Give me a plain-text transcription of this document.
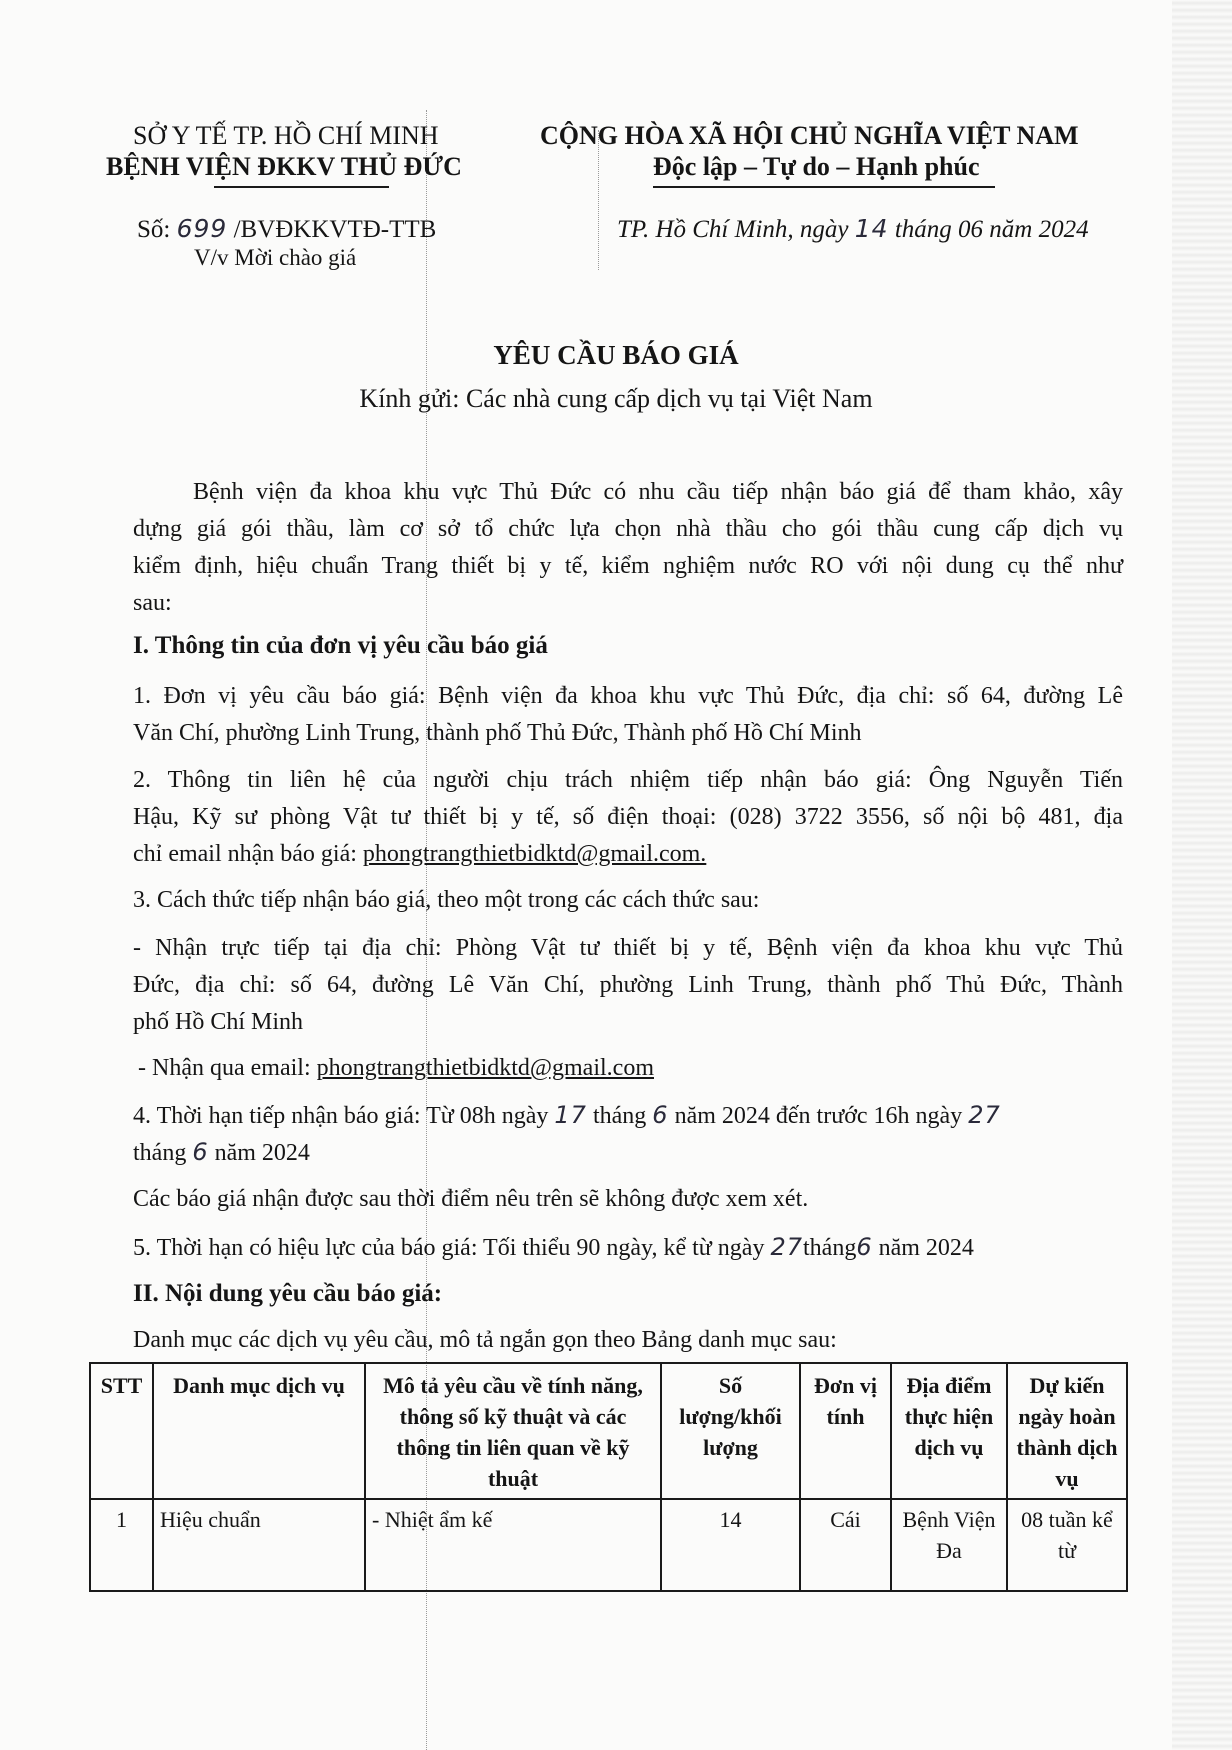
SỞ Y TẾ TP. HỒ CHÍ MINH
BỆNH VIỆN ĐKKV THỦ ĐỨC
CỘNG HÒA XÃ HỘI CHỦ NGHĨA VIỆT NAM
Độc lập – Tự do – Hạnh phúc
Số: 699 /BVĐKKVTĐ-TTB
V/v Mời chào giá
TP. Hồ Chí Minh, ngày 14 tháng 06 năm 2024
YÊU CẦU BÁO GIÁ
Kính gửi: Các nhà cung cấp dịch vụ tại Việt Nam
Bệnh viện đa khoa khu vực Thủ Đức có nhu cầu tiếp nhận báo giá để tham khảo, xây
dựng giá gói thầu, làm cơ sở tổ chức lựa chọn nhà thầu cho gói thầu cung cấp dịch vụ
kiểm định, hiệu chuẩn Trang thiết bị y tế, kiểm nghiệm nước RO với nội dung cụ thể như
sau:
I. Thông tin của đơn vị yêu cầu báo giá
1. Đơn vị yêu cầu báo giá: Bệnh viện đa khoa khu vực Thủ Đức, địa chỉ: số 64, đường Lê
Văn Chí, phường Linh Trung, thành phố Thủ Đức, Thành phố Hồ Chí Minh
2. Thông tin liên hệ của người chịu trách nhiệm tiếp nhận báo giá: Ông Nguyễn Tiến
Hậu, Kỹ sư phòng Vật tư thiết bị y tế, số điện thoại: (028) 3722 3556, số nội bộ 481, địa
chỉ email nhận báo giá: phongtrangthietbidktd@gmail.com.
3. Cách thức tiếp nhận báo giá, theo một trong các cách thức sau:
- Nhận trực tiếp tại địa chỉ: Phòng Vật tư thiết bị y tế, Bệnh viện đa khoa khu vực Thủ
Đức, địa chỉ: số 64, đường Lê Văn Chí, phường Linh Trung, thành phố Thủ Đức, Thành
phố Hồ Chí Minh
- Nhận qua email: phongtrangthietbidktd@gmail.com
4. Thời hạn tiếp nhận báo giá: Từ 08h ngày 17 tháng 6 năm 2024 đến trước 16h ngày 27
tháng 6 năm 2024
Các báo giá nhận được sau thời điểm nêu trên sẽ không được xem xét.
5. Thời hạn có hiệu lực của báo giá: Tối thiểu 90 ngày, kể từ ngày 27tháng6 năm 2024
II. Nội dung yêu cầu báo giá:
Danh mục các dịch vụ yêu cầu, mô tả ngắn gọn theo Bảng danh mục sau:
STT	Danh mục dịch vụ	Mô tả yêu cầu về tính năng, thông số kỹ thuật và các thông tin liên quan về kỹ thuật	Số lượng/khối lượng	Đơn vị tính	Địa điểm thực hiện dịch vụ	Dự kiến ngày hoàn thành dịch vụ
1	Hiệu chuẩn	- Nhiệt ẩm kế	14	Cái	Bệnh Viện Đa	08 tuần kể từ
